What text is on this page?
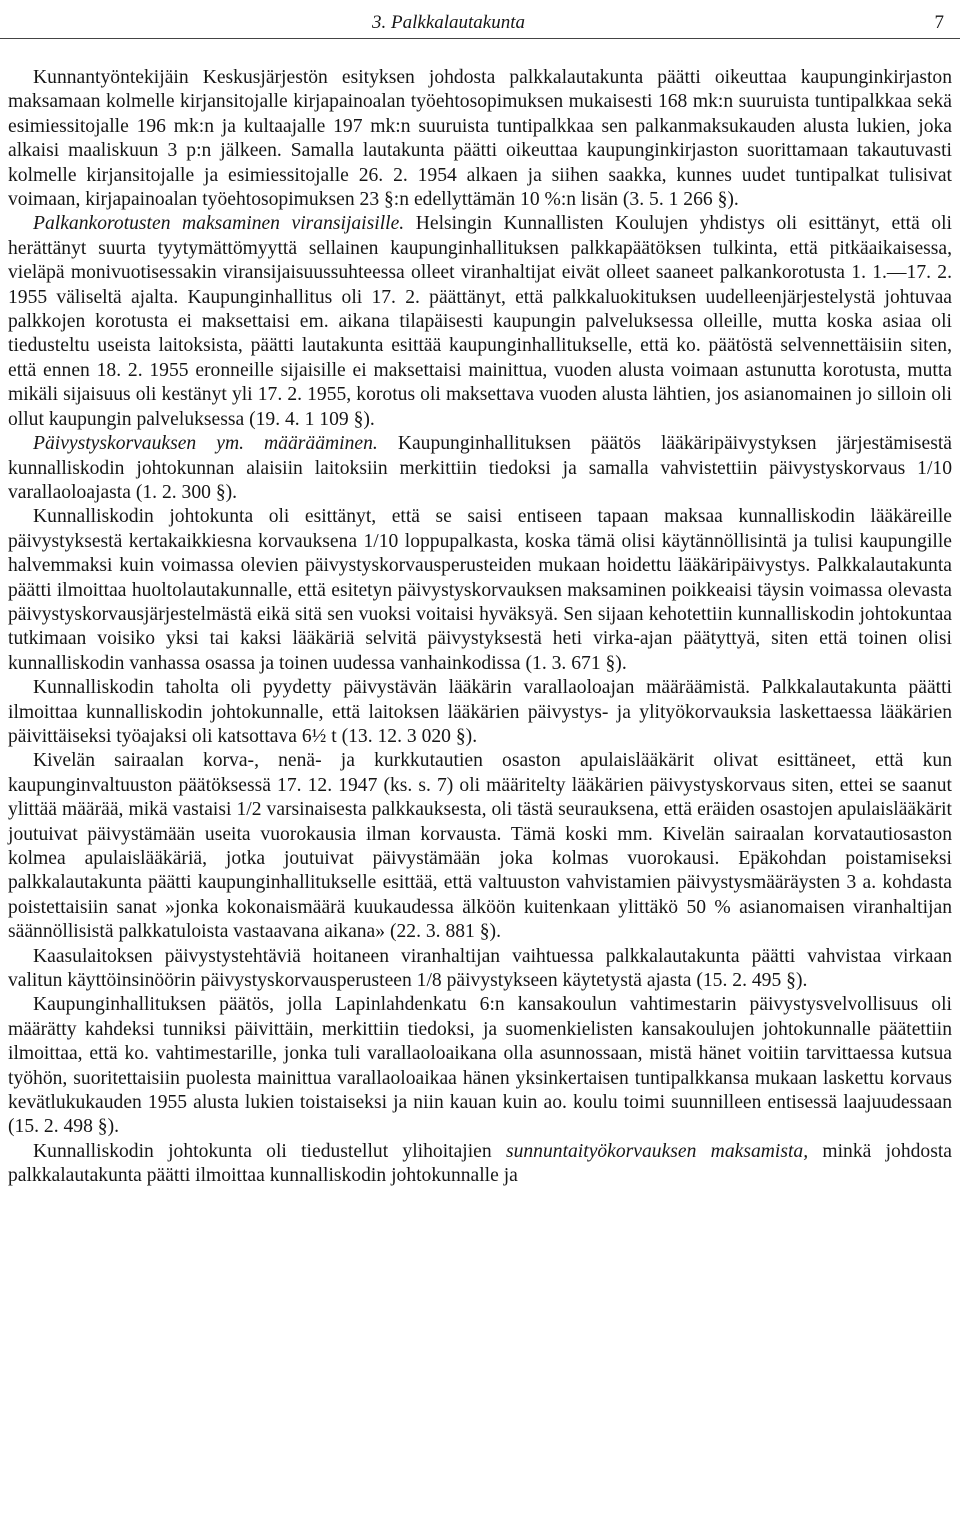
3. Palkkalautakunta	7

Kunnantyöntekijäin Keskusjärjestön esityksen johdosta palkkalautakunta päätti oikeuttaa kaupunginkirjaston maksamaan kolmelle kirjansitojalle kirjapainoalan työehtosopimuksen mukaisesti 168 mk:n suuruista tuntipalkkaa sekä esimiessitojalle 196 mk:n ja kultaajalle 197 mk:n suuruista tuntipalkkaa sen palkanmaksukauden alusta lukien, joka alkaisi maaliskuun 3 p:n jälkeen. Samalla lautakunta päätti oikeuttaa kaupunginkirjaston suorittamaan takautuvasti kolmelle kirjansitojalle ja esimiessitojalle 26. 2. 1954 alkaen ja siihen saakka, kunnes uudet tuntipalkat tulisivat voimaan, kirjapainoalan työehtosopimuksen 23 §:n edellyttämän 10 %:n lisän (3. 5. 1 266 §).

Palkankorotusten maksaminen viransijaisille. Helsingin Kunnallisten Koulujen yhdistys oli esittänyt, että oli herättänyt suurta tyytymättömyyttä sellainen kaupunginhallituksen palkkapäätöksen tulkinta, että pitkäaikaisessa, vieläpä monivuotisessakin viransijaisuussuhteessa olleet viranhaltijat eivät olleet saaneet palkankorotusta 1. 1.—17. 2. 1955 väliseltä ajalta. Kaupunginhallitus oli 17. 2. päättänyt, että palkkaluokituksen uudelleenjärjestelystä johtuvaa palkkojen korotusta ei maksettaisi em. aikana tilapäisesti kaupungin palveluksessa olleille, mutta koska asiaa oli tiedusteltu useista laitoksista, päätti lautakunta esittää kaupunginhallitukselle, että ko. päätöstä selvennettäisiin siten, että ennen 18. 2. 1955 eronneille sijaisille ei maksettaisi mainittua, vuoden alusta voimaan astunutta korotusta, mutta mikäli sijaisuus oli kestänyt yli 17. 2. 1955, korotus oli maksettava vuoden alusta lähtien, jos asianomainen jo silloin oli ollut kaupungin palveluksessa (19. 4. 1 109 §).

Päivystyskorvauksen ym. määrääminen. Kaupunginhallituksen päätös lääkäripäivystyksen järjestämisestä kunnalliskodin johtokunnan alaisiin laitoksiin merkittiin tiedoksi ja samalla vahvistettiin päivystyskorvaus 1/10 varallaoloajasta (1. 2. 300 §).

Kunnalliskodin johtokunta oli esittänyt, että se saisi entiseen tapaan maksaa kunnalliskodin lääkäreille päivystyksestä kertakaikkiesna korvauksena 1/10 loppupalkasta, koska tämä olisi käytännöllisintä ja tulisi kaupungille halvemmaksi kuin voimassa olevien päivystyskorvausperusteiden mukaan hoidettu lääkäripäivystys. Palkkalautakunta päätti ilmoittaa huoltolautakunnalle, että esitetyn päivystyskorvauksen maksaminen poikkeaisi täysin voimassa olevasta päivystyskorvausjärjestelmästä eikä sitä sen vuoksi voitaisi hyväksyä. Sen sijaan kehotettiin kunnalliskodin johtokuntaa tutkimaan voisiko yksi tai kaksi lääkäriä selvitä päivystyksestä heti virka-ajan päätyttyä, siten että toinen olisi kunnalliskodin vanhassa osassa ja toinen uudessa vanhainkodissa (1. 3. 671 §).

Kunnalliskodin taholta oli pyydetty päivystävän lääkärin varallaoloajan määräämistä. Palkkalautakunta päätti ilmoittaa kunnalliskodin johtokunnalle, että laitoksen lääkärien päivystys- ja ylityökorvauksia laskettaessa lääkärien päivittäiseksi työajaksi oli katsottava 6½ t (13. 12. 3 020 §).

Kivelän sairaalan korva-, nenä- ja kurkkutautien osaston apulaislääkärit olivat esittäneet, että kun kaupunginvaltuuston päätöksessä 17. 12. 1947 (ks. s. 7) oli määritelty lääkärien päivystyskorvaus siten, ettei se saanut ylittää määrää, mikä vastaisi 1/2 varsinaisesta palkkauksesta, oli tästä seurauksena, että eräiden osastojen apulaislääkärit joutuivat päivystämään useita vuorokausia ilman korvausta. Tämä koski mm. Kivelän sairaalan korvatautiosaston kolmea apulaislääkäriä, jotka joutuivat päivystämään joka kolmas vuorokausi. Epäkohdan poistamiseksi palkkalautakunta päätti kaupunginhallitukselle esittää, että valtuuston vahvistamien päivystysmääräysten 3 a. kohdasta poistettaisiin sanat »jonka kokonaismäärä kuukaudessa älköön kuitenkaan ylittäkö 50 % asianomaisen viranhaltijan säännöllisistä palkkatuloista vastaavana aikana» (22. 3. 881 §).

Kaasulaitoksen päivystystehtäviä hoitaneen viranhaltijan vaihtuessa palkkalautakunta päätti vahvistaa virkaan valitun käyttöinsinöörin päivystyskorvausperusteen 1/8 päivystykseen käytetystä ajasta (15. 2. 495 §).

Kaupunginhallituksen päätös, jolla Lapinlahdenkatu 6:n kansakoulun vahtimestarin päivystysvelvollisuus oli määrätty kahdeksi tunniksi päivittäin, merkittiin tiedoksi, ja suomenkielisten kansakoulujen johtokunnalle päätettiin ilmoittaa, että ko. vahtimestarille, jonka tuli varallaoloaikana olla asunnossaan, mistä hänet voitiin tarvittaessa kutsua työhön, suoritettaisiin puolesta mainittua varallaoloaikaa hänen yksinkertaisen tuntipalkkansa mukaan laskettu korvaus kevätlukukauden 1955 alusta lukien toistaiseksi ja niin kauan kuin ao. koulu toimi suunnilleen entisessä laajuudessaan (15. 2. 498 §).

Kunnalliskodin johtokunta oli tiedustellut ylihoitajien sunnuntaityökorvauksen maksamista, minkä johdosta palkkalautakunta päätti ilmoittaa kunnalliskodin johtokunnalle ja
